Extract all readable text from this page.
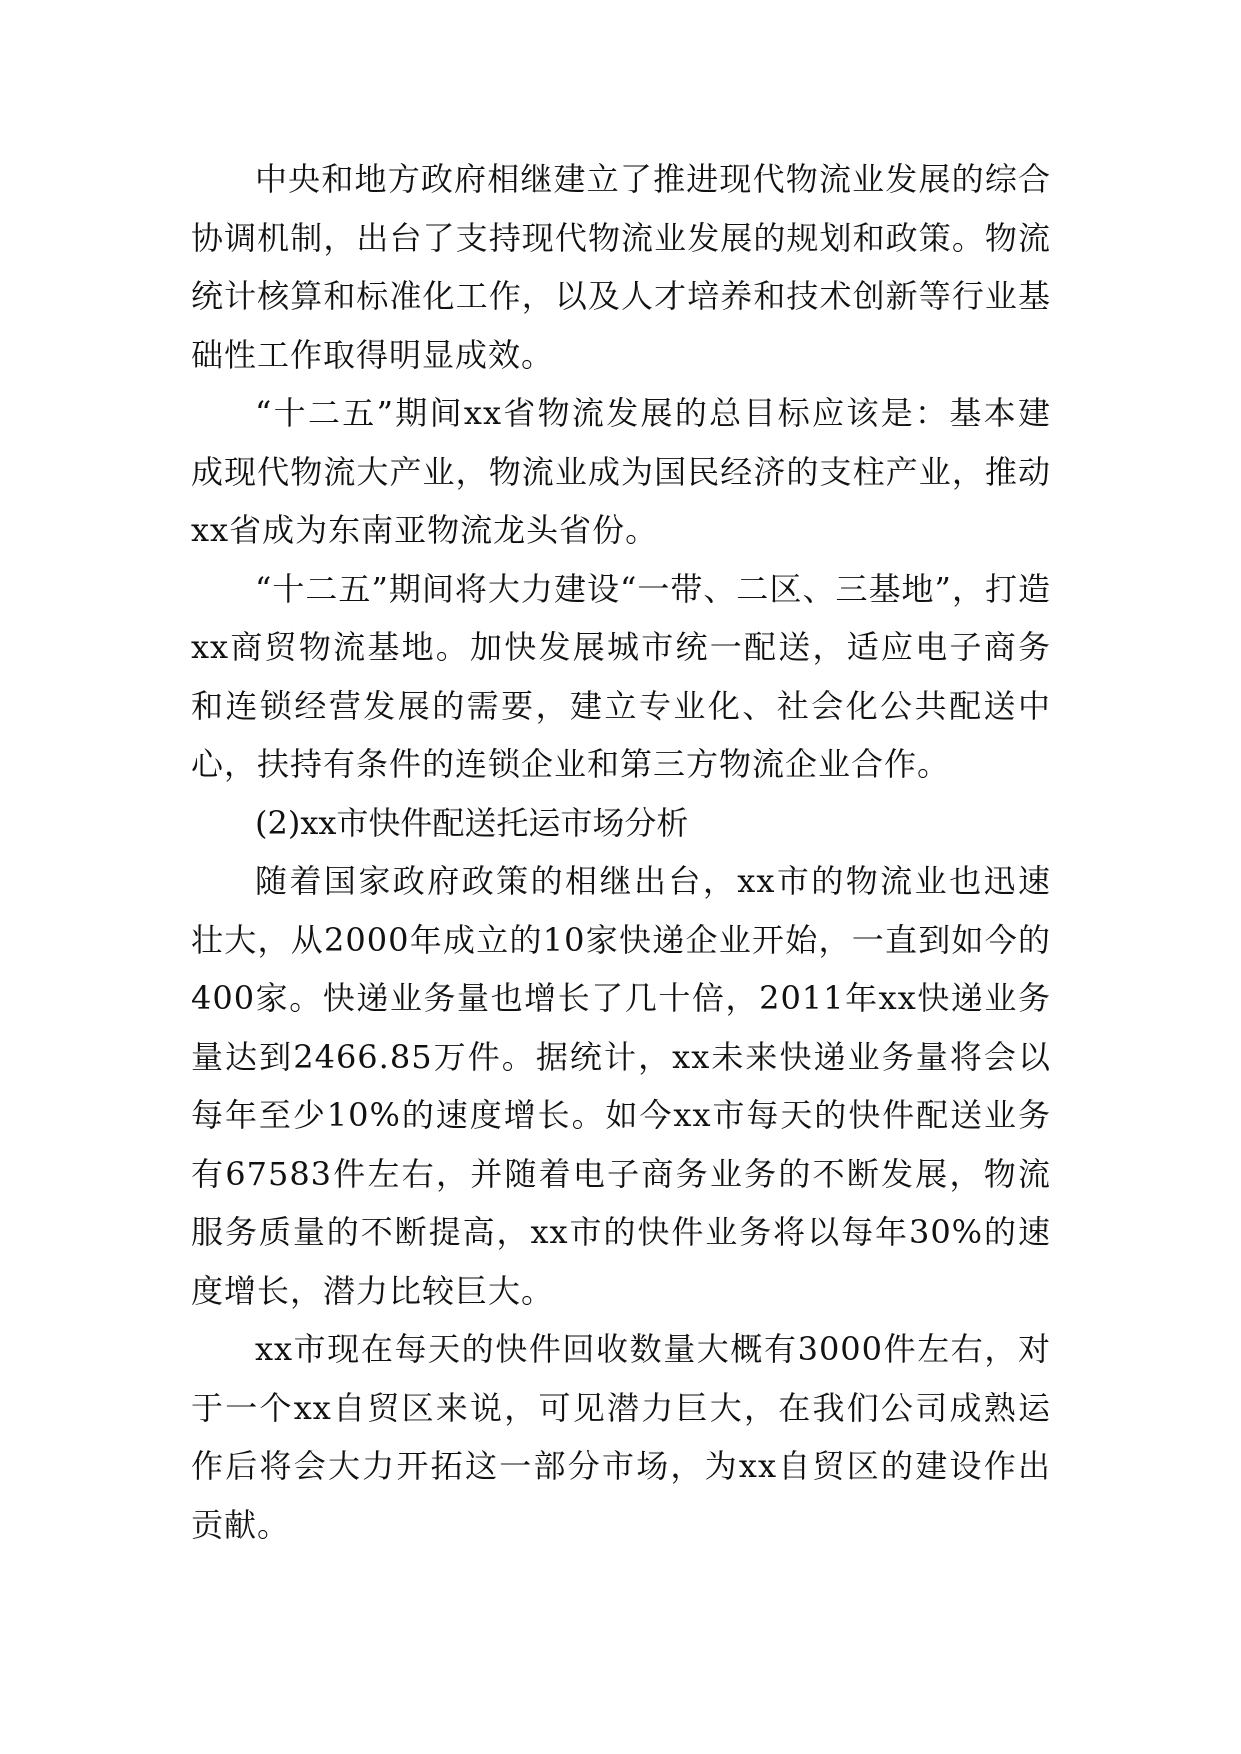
中央和地方政府相继建立了推进现代物流业发展的综合协调机制，出台了支持现代物流业发展的规划和政策。物流统计核算和标准化工作，以及人才培养和技术创新等行业基础性工作取得明显成效。

“十二五”期间xx省物流发展的总目标应该是：基本建成现代物流大产业，物流业成为国民经济的支柱产业，推动xx省成为东南亚物流龙头省份。

“十二五”期间将大力建设“一带、二区、三基地”，打造xx商贸物流基地。加快发展城市统一配送，适应电子商务和连锁经营发展的需要，建立专业化、社会化公共配送中心，扶持有条件的连锁企业和第三方物流企业合作。

(2)xx市快件配送托运市场分析

随着国家政府政策的相继出台，xx市的物流业也迅速壮大，从2000年成立的10家快递企业开始，一直到如今的400家。快递业务量也增长了几十倍，2011年xx快递业务量达到2466.85万件。据统计，xx未来快递业务量将会以每年至少10%的速度增长。如今xx市每天的快件配送业务有67583件左右，并随着电子商务业务的不断发展，物流服务质量的不断提高，xx市的快件业务将以每年30%的速度增长，潜力比较巨大。

xx市现在每天的快件回收数量大概有3000件左右，对于一个xx自贸区来说，可见潜力巨大，在我们公司成熟运作后将会大力开拓这一部分市场，为xx自贸区的建设作出贡献。
